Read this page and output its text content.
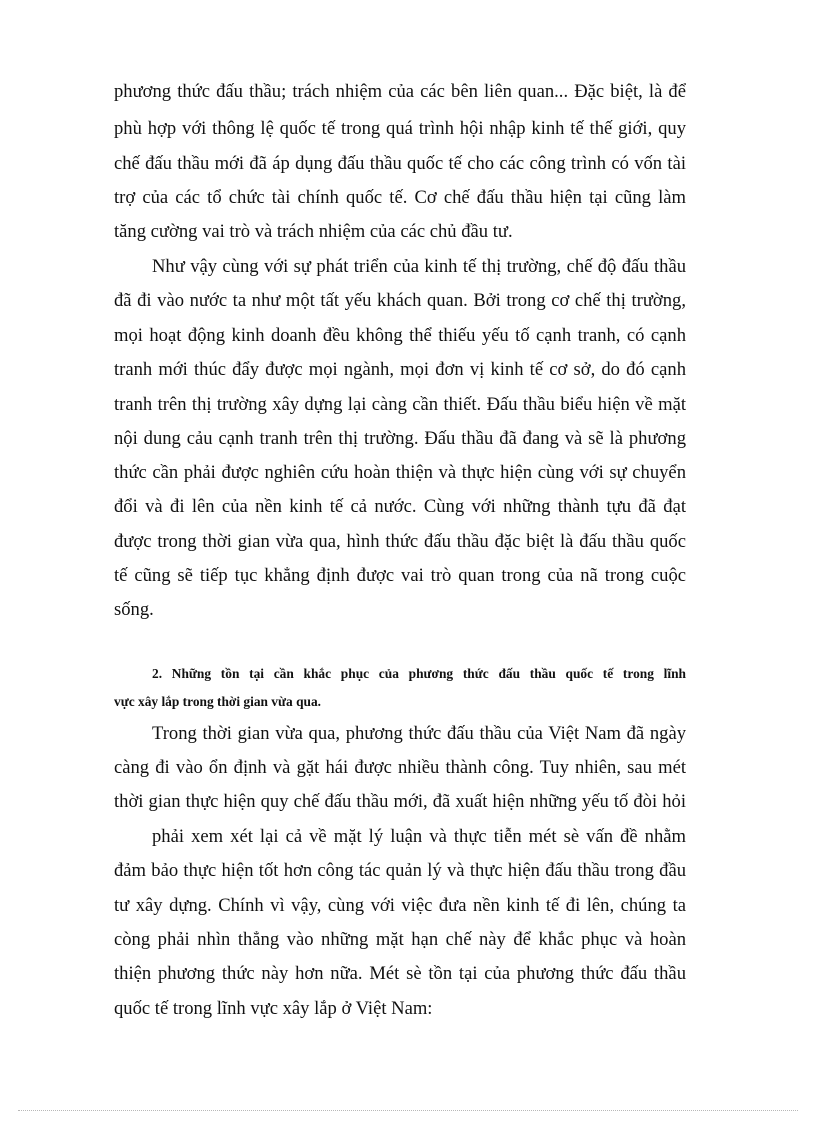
phương thức đấu thầu; trách nhiệm của các bên liên quan... Đặc biệt, là để
phù hợp với thông lệ quốc tế trong quá trình hội nhập kinh tế thế giới, quy
chế đấu thầu mới đã áp dụng đấu thầu quốc tế cho các công trình có vốn tài
trợ của các tổ chức tài chính quốc tế. Cơ chế đấu thầu hiện tại cũng làm
tăng cường vai trò và trách nhiệm của các chủ đầu tư.
Như vậy cùng với sự phát triển của kinh tế thị trường, chế độ đấu thầu
đã đi vào nước ta như một tất yếu khách quan. Bởi trong cơ chế thị trường,
mọi hoạt động kinh doanh đều không thể thiếu yếu tố cạnh tranh, có cạnh
tranh mới thúc đẩy được mọi ngành, mọi đơn vị kinh tế cơ sở, do đó cạnh
tranh trên thị trường xây dựng lại càng cần thiết. Đấu thầu biểu hiện về mặt
nội dung cảu cạnh tranh trên thị trường. Đấu thầu đã đang và sẽ là phương
thức cần phải được nghiên cứu hoàn thiện và thực hiện cùng với sự chuyển
đổi và đi lên của nền kinh tế cả nước. Cùng với những thành tựu đã đạt
được trong thời gian vừa qua, hình thức đấu thầu đặc biệt là đấu thầu quốc
tế cũng sẽ tiếp tục khẳng định được vai trò quan trong của nã trong cuộc
sống.
2. Những tồn tại cần khắc phục của phương thức đấu thầu quốc tế trong lĩnh
vực xây lắp trong thời gian vừa qua.
Trong thời gian vừa qua, phương thức đấu thầu của Việt Nam đã ngày
càng đi vào ổn định và gặt hái được nhiều thành công. Tuy nhiên, sau mét
thời gian thực hiện quy chế đấu thầu mới, đã xuất hiện những yếu tố đòi hỏi
phải xem xét lại cả về mặt lý luận và thực tiễn mét sè vấn đề nhằm
đảm bảo thực hiện tốt hơn công tác quản lý và thực hiện đấu thầu trong đầu
tư xây dựng. Chính vì vậy, cùng với việc đưa nền kinh tế đi lên, chúng ta
còng phải nhìn thẳng vào những mặt hạn chế này để khắc phục và hoàn
thiện phương thức này hơn nữa. Mét sè tồn tại của phương thức đấu thầu
quốc tế trong lĩnh vực xây lắp ở Việt Nam:
